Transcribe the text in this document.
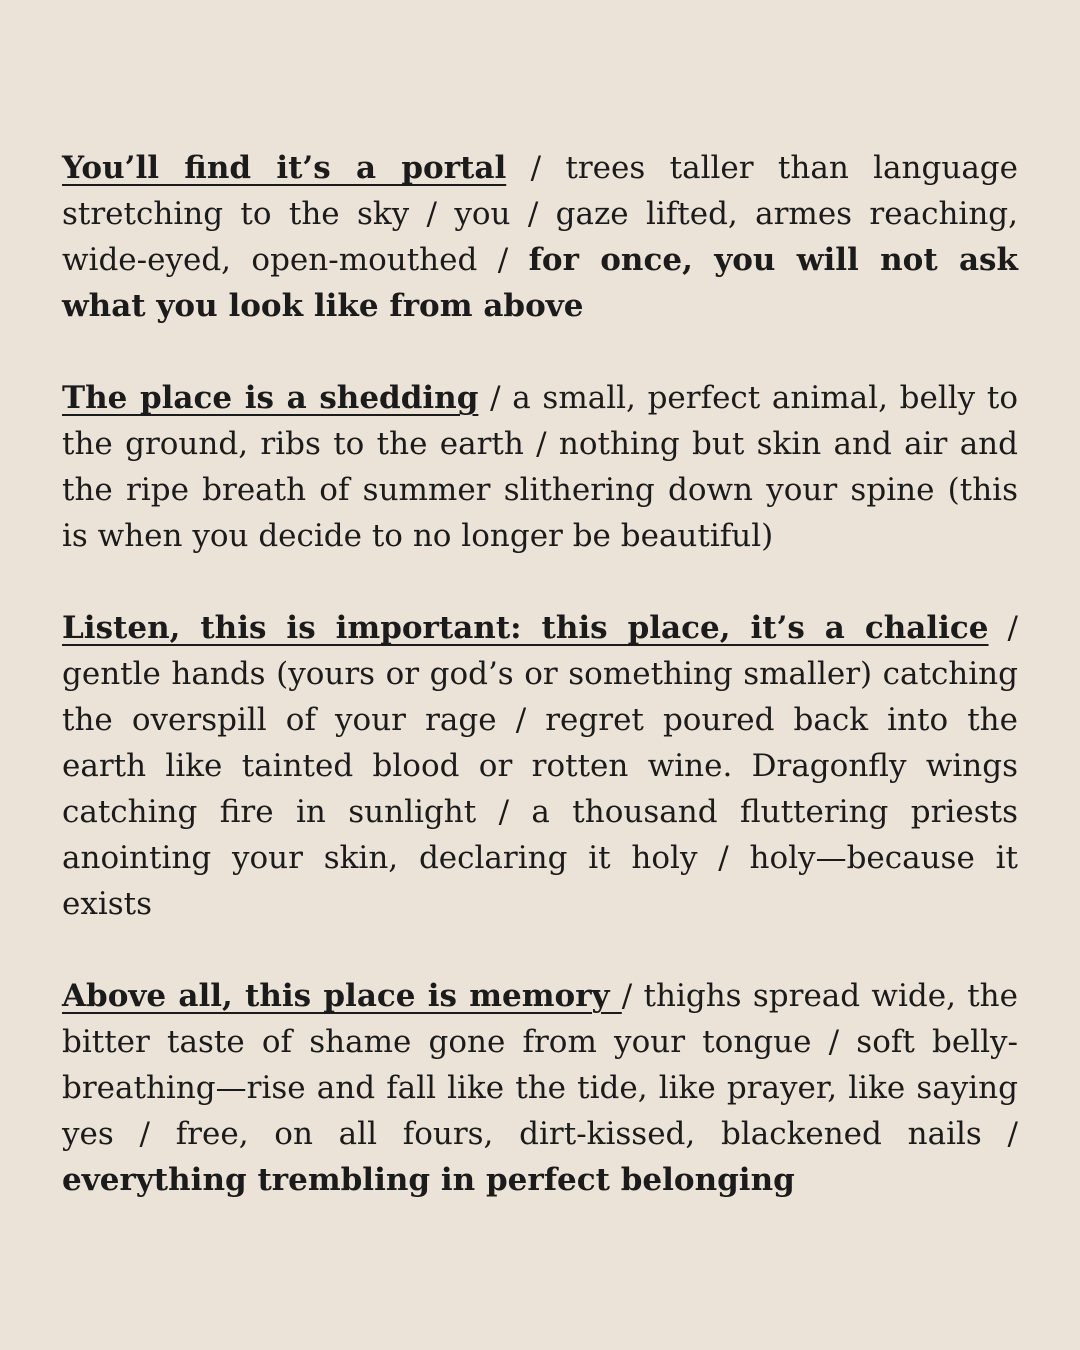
You’ll find it’s a portal / trees taller than language stretching to the sky / you / gaze lifted, armes reaching, wide-eyed, open-mouthed / for once, you will not ask what you look like from above

The place is a shedding / a small, perfect animal, belly to the ground, ribs to the earth / nothing but skin and air and the ripe breath of summer slithering down your spine (this is when you decide to no longer be beautiful)

Listen, this is important: this place, it’s a chalice / gentle hands (yours or god’s or something smaller) catching the overspill of your rage / regret poured back into the earth like tainted blood or rotten wine. Dragonfly wings catching fire in sunlight / a thousand fluttering priests anointing your skin, declaring it holy / holy—because it exists

Above all, this place is memory / thighs spread wide, the bitter taste of shame gone from your tongue / soft belly-breathing—rise and fall like the tide, like prayer, like saying yes / free, on all fours, dirt-kissed, blackened nails / everything trembling in perfect belonging
